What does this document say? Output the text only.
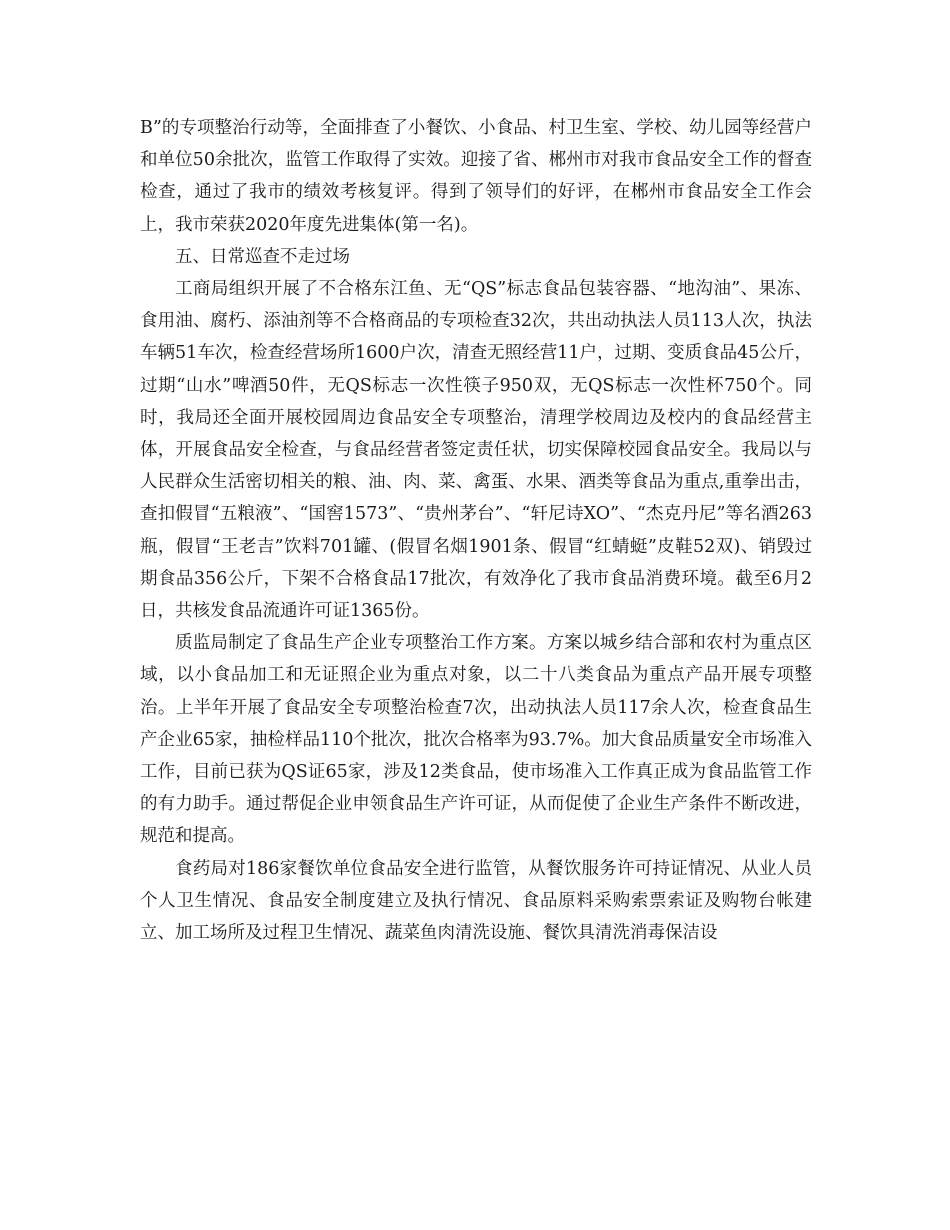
B”的专项整治行动等，全面排查了小餐饮、小食品、村卫生室、学校、幼儿园等经营户和单位50余批次，监管工作取得了实效。迎接了省、郴州市对我市食品安全工作的督查检查，通过了我市的绩效考核复评。得到了领导们的好评，在郴州市食品安全工作会上，我市荣获2020年度先进集体(第一名)。

五、日常巡查不走过场

工商局组织开展了不合格东江鱼、无“QS”标志食品包装容器、“地沟油”、果冻、食用油、腐朽、添油剂等不合格商品的专项检查32次，共出动执法人员113人次，执法车辆51车次，检查经营场所1600户次，清查无照经营11户，过期、变质食品45公斤，过期“山水”啤酒50件，无QS标志一次性筷子950双，无QS标志一次性杯750个。同时，我局还全面开展校园周边食品安全专项整治，清理学校周边及校内的食品经营主体，开展食品安全检查，与食品经营者签定责任状，切实保障校园食品安全。我局以与人民群众生活密切相关的粮、油、肉、菜、禽蛋、水果、酒类等食品为重点,重拳出击，查扣假冒“五粮液”、“国窖1573”、“贵州茅台”、“轩尼诗XO”、“杰克丹尼”等名酒263瓶，假冒“王老吉”饮料701罐、(假冒名烟1901条、假冒“红蜻蜓”皮鞋52双)、销毁过期食品356公斤，下架不合格食品17批次，有效净化了我市食品消费环境。截至6月2日，共核发食品流通许可证1365份。

质监局制定了食品生产企业专项整治工作方案。方案以城乡结合部和农村为重点区域，以小食品加工和无证照企业为重点对象，以二十八类食品为重点产品开展专项整治。上半年开展了食品安全专项整治检查7次，出动执法人员117余人次，检查食品生产企业65家，抽检样品110个批次，批次合格率为93.7%。加大食品质量安全市场准入工作，目前已获为QS证65家，涉及12类食品，使市场准入工作真正成为食品监管工作的有力助手。通过帮促企业申领食品生产许可证，从而促使了企业生产条件不断改进，规范和提高。

食药局对186家餐饮单位食品安全进行监管，从餐饮服务许可持证情况、从业人员个人卫生情况、食品安全制度建立及执行情况、食品原料采购索票索证及购物台帐建立、加工场所及过程卫生情况、蔬菜鱼肉清洗设施、餐饮具清洗消毒保洁设
